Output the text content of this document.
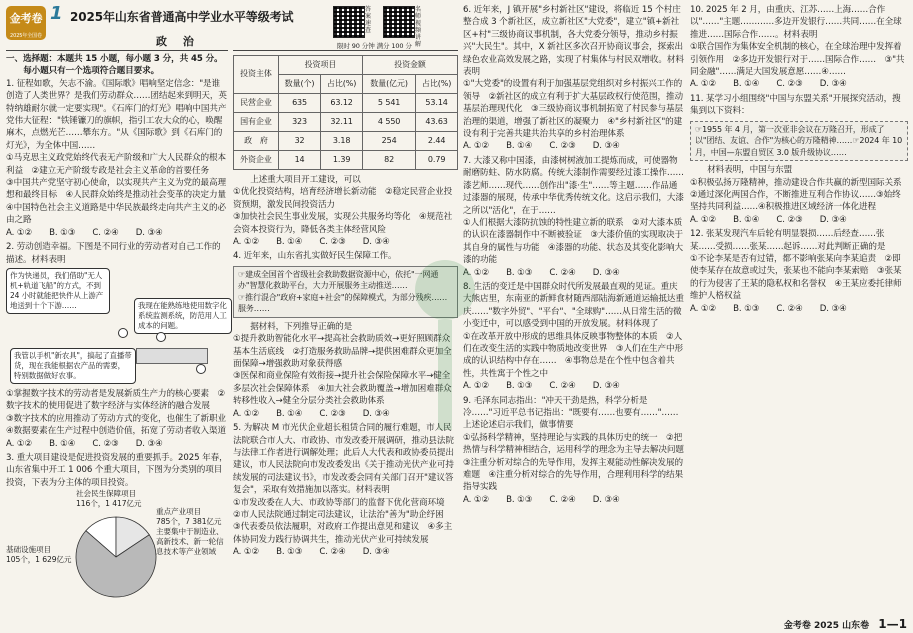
金考卷
2025年全国卷
1 2025年山东省普通高中学业水平等级考试
政 治

一、选择题：本题共 15 小题，每小题 3 分，共 45 分。

每小题只有一个选项符合题目要求。

1. 征程如歌，矢志不渝。《国际歌》唱响坚定信念："是谁创造了人类世界？是我们劳动群众……团结起来到明天，英特纳雄耐尔就一定要实现"。《石库门的灯光》唱响中国共产党伟大征程："铁锤镰刀的旗帜，指引工农大众的心，唤醒麻木，点燃光芒……攀东方。"从《国际歌》到《石库门的灯光》，为全体中国……

①马克思主义政党始终代表无产阶级和广大人民群众的根本利益　②建立无产阶级专政是社会主义革命的首要任务

③中国共产党坚守初心使命，以实现共产主义为党的最高理想和最终目标　④人民群众始终是推动社会变革的决定力量

④中国特色社会主义道路是中华民族最终走向共产主义的必由之路

A. ①②　　B. ①③　　C. ②④　　D. ③④

2. 劳动创造幸福。下图是不同行业的劳动者对自己工作的描述。材料表明

作为快递员，我们借助"无人机+轨道飞船"的方式，不到 24 小时就能把快件从上游产地送到十个下游……	我现在能熟练地使用数字化系统监测系统，防范用人工成本的问题。
我管以手机"新农具"，搞起了直播带货，现在我能根据农产品的需要，特别数据做好农事。

①掌握数字技术的劳动者是发展新质生产力的核心要素　②数字技术的使用促进了数字经济与实体经济的融合发展

③数字技术的应用推动了劳动方式的变化，也催生了新职业　④数据要素在生产过程中创造价值，拓宽了劳动者收入渠道

A. ①②　　B. ①④　　C. ②③　　D. ③④

3. 重大项目建设是促进投资发展的重要抓手。2025 年春，山东省集中开工 1 006 个重大项目，下图为分类别的项目投资，下表为分主体的项目投资。

社会民生保障项目
116个，1 417亿元
基础设施项目
105个，1 629亿元
重点产业项目
785个，7 381亿元
主要集中于制造业、高新技术、新一轮信息技术等产业领域
答案速查
名师视频讲解
限时 90 分钟 满分 100 分
投资主体	投资项目		投资金额	
	数量(个)	占比(%)	数量(亿元)	占比(%)
民营企业	635	63.12	5 541	53.14
国有企业	323	32.11	4 550	43.63
政　府	32	3.18	254	2.44
外资企业	14	1.39	82	0.79

上述重大项目开工建设，可以

①优化投资结构，培育经济增长新动能　②稳定民营企业投资预期，激发民间投资活力

③加快社会民生事业发展，实现公共服务均等化　④规范社会资本投资行为，降低各类主体经营风险

A. ①②　　B. ①④　　C. ②③　　D. ③④

4. 近年来，山东省扎实做好民生保障工作。

☞建成全国首个省级社会救助数据资源中心，依托"一网通办"智慧化救助平台，大力开展服务主动推送……

☞推行混合"政府+家庭+社会"的保障模式，为部分残疾……服务……

据材料，下列推导正确的是

①提升救助智能化水平→提高社会救助质效→更好照顾群众基本生活底线　②打造服务救助品牌→提供困难群众更加全面保障→增强救助对象获得感

③医保和商业保险有效衔接→提升社会保险保障水平→健全多层次社会保障体系　④加大社会救助覆盖→增加困难群众转移性收入→健全分层分类社会救助体系

A. ①②　　B. ①④　　C. ②③　　D. ③④

5. 为解决 M 市光伏企业超长租赁合同的履行难题，市人民法院联合市人大、市政协、市发改委开展调研，推动县法院与法律工作者进行调解处理；此后人大代表和政协委员提出建议，市人民法院向市发改委发出《关于推动光伏产业可持续发展的司法建议书》，市发改委会同有关部门召开"建议答复会"，采取有效措施加以落实。材料表明

①市发改委在人大、市政协等部门的监督下优化营商环境　②市人民法院通过制定司法建议，让法治"善为"助企纾困　③代表委员依法履职，对政府工作提出意见和建议　④多主体协同发力践行协调共生，推动光伏产业可持续发展

A. ①②　　B. ①③　　C. ②④　　D. ③④

6. 近年来，J 镇开展"乡村新社区"建设，将临近 15 个村庄整合成 3 个新社区，成立新社区"大党委"，建立"镇+新社区+村"三级协商议事机制，各大党委分领导，推动乡村振兴"大民生"。其中，X 新社区多次召开协商议事会，探索出绿色农业高效发展之路，实现了村集体与村民双增收。材料表明

①"大党委"的设置有利于加强基层党组织对乡村振兴工作的领导　②新社区的成立有利于扩大基层政权行使范围，推动基层治理现代化　③三级协商议事机制拓宽了村民参与基层治理的渠道，增强了新社区的凝聚力　④"乡村新社区"的建设有利于完善共建共治共享的乡村治理体系

A. ①②　　B. ①④　　C. ②③　　D. ③④

7. 大漆又称中国漆，由漆树树液加工提炼而成，可使器物耐磨防蛀、防水防腐。传统大漆制作需要经过漆工操作……漆艺师……现代……创作出"漆·生"……等主题……作品通过漆器的展现，传承中华优秀传统文化。这启示我们，大漆之所以"活化"，在于……

①人们根据大漆防抗蚀的特性建立新的联系　②对大漆本质的认识在漆器制作中不断被验证　③大漆价值的实现取决于其自身的属性与功能　④漆器的功能、状态及其变化影响大漆的功能

A. ①②　　B. ①③　　C. ②④　　D. ③④

8. 生活的变迁是中国群众时代所发展最直观的见证。重庆大熊店里，东南亚的新鲜食材随西部陆海新通道运输抵达重庆……"数字外贸"、"平台"、"全球购"……从日常生活的微小变迁中，可以感受到中国的开放发展。材料体现了

①在改革开放中形成的思维具体反映事物整体的本质　②人们在改变生活的实践中物质地改变世界　③人们在生产中形成的认识结构中存在……　④事物总是在个性中包含着共性，共性寓于个性之中

A. ①②　　B. ①③　　C. ②④　　D. ③④

9. 毛泽东同志指出："冲天干劲是热，科学分析是冷……"习近平总书记指出："既要有……也要有……"……上述论述启示我们，做事情要

①弘扬科学精神，坚持理论与实践的具体历史的统一　②把热情与科学精神相结合，运用科学的理念为主导去解决问题　③注重分析对综合的先导作用，发挥主观能动性解决发展的难题　④注重分析对综合的先导作用，合理利用科学的结果指导实践

A. ①②　　B. ①③　　C. ②④　　D. ③④

10. 2025 年 2 月，由重庆、江苏……上海……合作以"……"主题…………多边开发银行……共同……在全球推进……国际合作……。材料表明

①联合国作为集体安全机制的核心，在全球治理中发挥着引领作用　②多边开发银行对于……国际合作……　③"共同金融"……满足大国发展意愿……④……

A. ①②　　B. ①④　　C. ②③　　D. ③④

11. 某学习小组围绕"中国与东盟关系"开展探究活动，搜集到以下资料：

☞1955 年 4 月，第一次亚非会议在万隆召开，形成了以"团结、友谊、合作"为核心的万隆精神……☞2024 年 10 月，中国—东盟自贸区 3.0 版升级协议……

材料表明，中国与东盟

①积极弘扬万隆精神，推动建设合作共赢的新型国际关系　②通过深化两国合作，不断推进互利合作协议……③始终坚持共同利益……④积极推进区域经济一体化进程

A. ①②　　B. ①④　　C. ②③　　D. ③④

12. 张某发现汽车后轮有明显裂损……后经查……张某……受损……张某……起诉……对此判断正确的是

①不论李某是否有过错，都不影响张某向李某追责　②即使李某存在故意或过失，张某也不能向李某索赔　③张某的行为侵害了王某的隐私权和名誉权　④王某应委托律师维护人格权益

A. ①②　　B. ①③　　C. ②④　　D. ③④

金考卷 2025 山东卷 1—1
